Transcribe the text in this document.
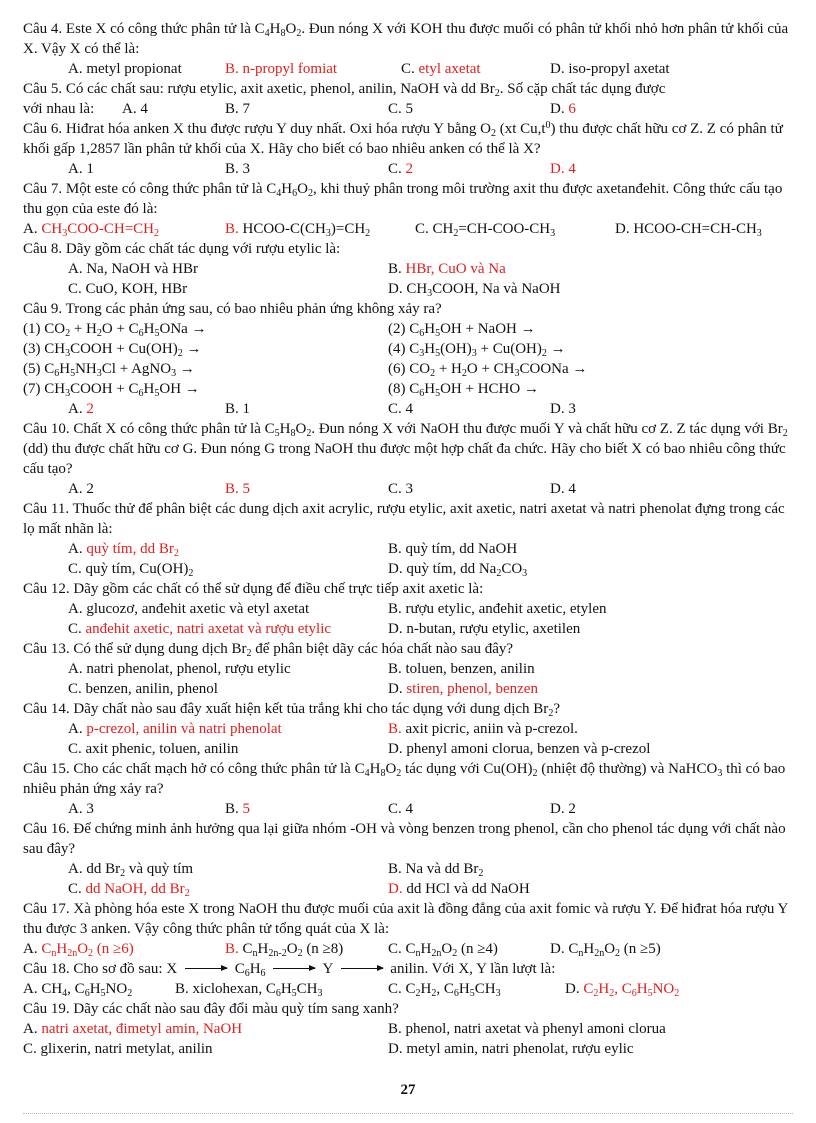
Câu 4. Este X có công thức phân tử là $C_4H_8O_2$. Đun nóng X với KOH thu được muối có phân tử khối nhỏ hơn phân tử khối của X. Vậy X có thể là:
A. metyl propionat	B. n-propyl fomiat	C. etyl axetat	D. iso-propyl axetat
Câu 5. Có các chất sau: rượu etylic, axit axetic, phenol, anilin, NaOH và dd $Br_2$. Số cặp chất tác dụng được
với nhau là: A. 4	B. 7	C. 5	D. 6
Câu 6. Hiđrat hóa anken X thu được rượu Y duy nhất. Oxi hóa rượu Y bằng $O_2$ (xt $Cu,t^0$) thu được chất hữu cơ Z. Z có phân tử khối gấp 1,2857 lần phân tử khối của X. Hãy cho biết có bao nhiêu anken có thể là X?
A. 1	B. 3	C. 2	D. 4
Câu 7. Một este có công thức phân tử là $C_4H_6O_2$, khi thuỷ phân trong môi trường axit thu được axetanđehit. Công thức cấu tạo thu gọn của este đó là:
A. $CH_3COO-CH=CH_2$	B. HCOO-$C(CH_3)=CH_2$	C. $CH_2=CH-COO-CH_3$	D. HCOO-$CH=CH-CH_3$
Câu 8. Dãy gồm các chất tác dụng với rượu etylic là:
A. Na, NaOH và HBr	B. HBr, CuO và Na
C. CuO, KOH, HBr	D. $CH_3COOH$, Na và NaOH
Câu 9. Trong các phản ứng sau, có bao nhiêu phản ứng không xảy ra?
(1) $CO_2 + H_2O + C_6H_5ONa$ →	(2) $C_6H_5OH$ + NaOH →
(3) $CH_3COOH + Cu(OH)_2$ →	(4) $C_3H_5(OH)_3 + Cu(OH)_2$ →
(5) $C_6H_5NH_3Cl$ + AgNO$_3$ →	(6) $CO_2 + H_2O$ + $CH_3COONa$ →
(7) $CH_3COOH + C_6H_5OH$ →	(8) $C_6H_5OH$ + HCHO →
A. 2	B. 1	C. 4	D. 3
Câu 10. Chất X có công thức phân tử là $C_5H_8O_2$. Đun nóng X với NaOH thu được muối Y và chất hữu cơ Z. Z tác dụng với $Br_2$ (dd) thu được chất hữu cơ G. Đun nóng G trong NaOH thu được một hợp chất đa chức. Hãy cho biết X có bao nhiêu công thức cấu tạo?
A. 2	B. 5	C. 3	D. 4
Câu 11. Thuốc thử để phân biệt các dung dịch axit acrylic, rượu etylic, axit axetic, natri axetat và natri phenolat đựng trong các lọ mất nhãn là:
A. quỳ tím, dd $Br_2$	B. quỳ tím, dd NaOH
C. quỳ tím, $Cu(OH)_2$	D. quỳ tím, dd $Na_2CO_3$
Câu 12. Dãy gồm các chất có thể sử dụng để điều chế trực tiếp axit axetic là:
A. glucozơ, anđehit axetic và etyl axetat	B. rượu etylic, anđehit axetic, etylen
C. anđehit axetic, natri axetat và rượu etylic	D. n-butan, rượu etylic, axetilen
Câu 13. Có thể sử dụng dung dịch $Br_2$ để phân biệt dãy các hóa chất nào sau đây?
A. natri phenolat, phenol, rượu etylic	B. toluen, benzen, anilin
C. benzen, anilin, phenol	D. stiren, phenol, benzen
Câu 14. Dãy chất nào sau đây xuất hiện kết tủa trắng khi cho tác dụng với dung dịch $Br_2$?
A. p-crezol, anilin và natri phenolat	B. axit picric, aniin và p-crezol.
C. axit phenic, toluen, anilin	D. phenyl amoni clorua, benzen và p-crezol
Câu 15. Cho các chất mạch hở có công thức phân tử là $C_4H_8O_2$ tác dụng với $Cu(OH)_2$ (nhiệt độ thường) và NaHCO$_3$ thì có bao nhiêu phản ứng xảy ra?
A. 3	B. 5	C. 4	D. 2
Câu 16. Để chứng minh ảnh hưởng qua lại giữa nhóm -OH và vòng benzen trong phenol, cần cho phenol tác dụng với chất nào sau đây?
A. dd $Br_2$ và quỳ tím	B. Na và dd $Br_2$
C. dd NaOH, dd $Br_2$	D. dd HCl và dd NaOH
Câu 17. Xà phòng hóa este X trong NaOH thu được muối của axit là đồng đẳng của axit fomic và rượu Y. Để hiđrat hóa rượu Y thu được 3 anken. Vậy công thức phân tử tổng quát của X là:
A. $C_nH_{2n}O_2$ (n ≥6)	B. $C_nH_{2n-2}O_2$ (n ≥8)	C. $C_nH_{2n}O_2$ (n ≥4)	D. $C_nH_{2n}O_2$ (n ≥5)
Câu 18. Cho sơ đồ sau: X	$C_6H_6$	Y	anilin. Với X, Y lần lượt là:
A. $CH_4$, $C_6H_5NO_2$	B. xiclohexan, $C_6H_5CH_3$	C. $C_2H_2$, $C_6H_5CH_3$	D. $C_2H_2$, $C_6H_5NO_2$
Câu 19. Dãy các chất nào sau đây đổi màu quỳ tím sang xanh?
A. natri axetat, đimetyl amin, NaOH	B. phenol, natri axetat và phenyl amoni clorua
C. glixerin, natri metylat, anilin	D. metyl amin, natri phenolat, rượu eylic
27
